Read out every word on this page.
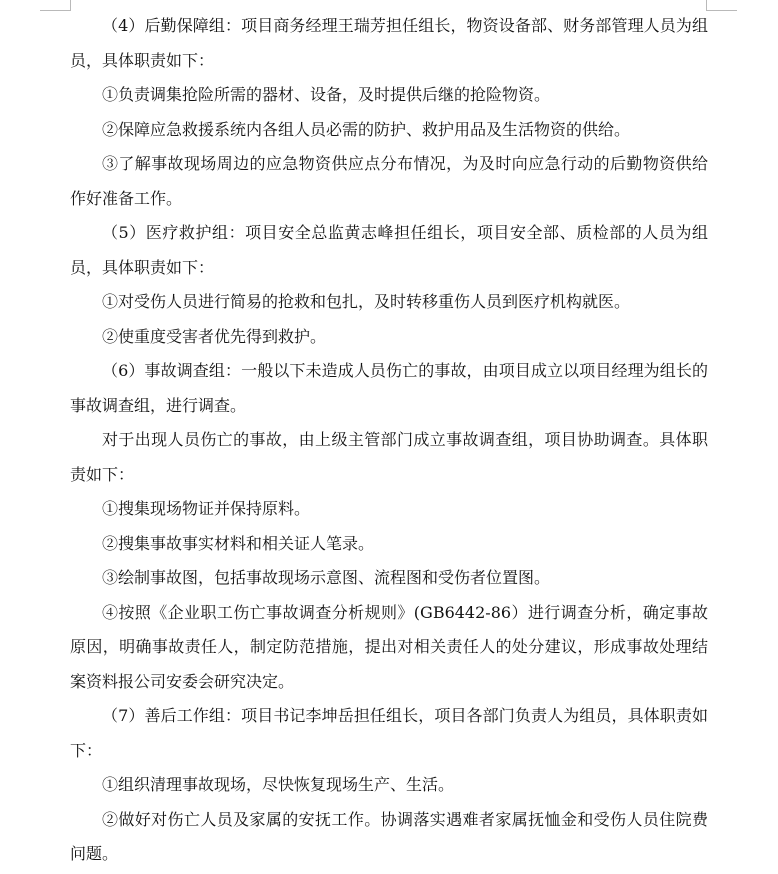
（4）后勤保障组：项目商务经理王瑞芳担任组长，物资设备部、财务部管理人员为组员，具体职责如下：

①负责调集抢险所需的器材、设备，及时提供后继的抢险物资。

②保障应急救援系统内各组人员必需的防护、救护用品及生活物资的供给。

③了解事故现场周边的应急物资供应点分布情况，为及时向应急行动的后勤物资供给作好准备工作。

（5）医疗救护组：项目安全总监黄志峰担任组长，项目安全部、质检部的人员为组员，具体职责如下：

①对受伤人员进行简易的抢救和包扎，及时转移重伤人员到医疗机构就医。

②使重度受害者优先得到救护。

（6）事故调查组：一般以下未造成人员伤亡的事故，由项目成立以项目经理为组长的事故调查组，进行调查。

对于出现人员伤亡的事故，由上级主管部门成立事故调查组，项目协助调查。具体职责如下：

①搜集现场物证并保持原料。

②搜集事故事实材料和相关证人笔录。

③绘制事故图，包括事故现场示意图、流程图和受伤者位置图。

④按照《企业职工伤亡事故调查分析规则》(GB6442-86）进行调查分析，确定事故原因，明确事故责任人，制定防范措施，提出对相关责任人的处分建议，形成事故处理结案资料报公司安委会研究决定。

（7）善后工作组：项目书记李坤岳担任组长，项目各部门负责人为组员，具体职责如下：

①组织清理事故现场，尽快恢复现场生产、生活。

②做好对伤亡人员及家属的安抚工作。协调落实遇难者家属抚恤金和受伤人员住院费问题。
